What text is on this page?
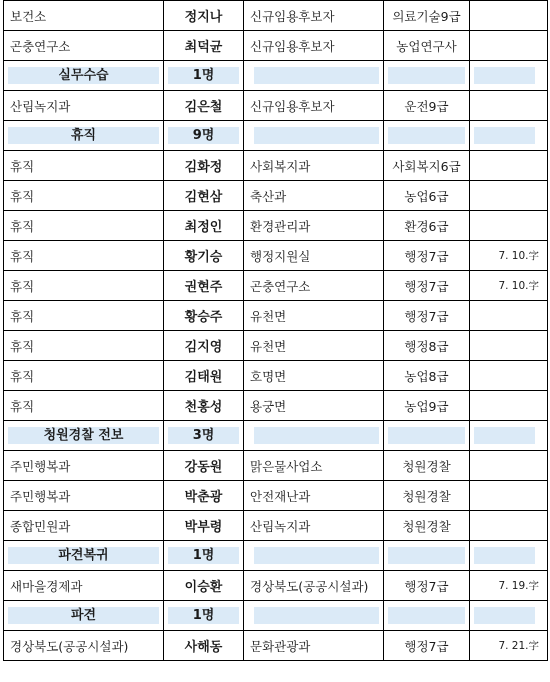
보건소	정지나	신규임용후보자	의료기술9급	
곤충연구소	최덕균	신규임용후보자	농업연구사	

실무수습	1명			

산림녹지과	김은철	신규임용후보자	운전9급	

휴직	9명			

휴직	김화정	사회복지과	사회복지6급	
휴직	김현삼	축산과	농업6급	
휴직	최정인	환경관리과	환경6급	
휴직	황기승	행정지원실	행정7급	7. 10.字
휴직	권현주	곤충연구소	행정7급	7. 10.字
휴직	황승주	유천면	행정7급	
휴직	김지영	유천면	행정8급	
휴직	김태원	호명면	농업8급	
휴직	천홍성	용궁면	농업9급	

청원경찰 전보	3명			

주민행복과	강동원	맑은물사업소	청원경찰	
주민행복과	박춘광	안전재난과	청원경찰	
종합민원과	박부령	산림녹지과	청원경찰	

파견복귀	1명			

새마을경제과	이승환	경상북도(공공시설과)	행정7급	7. 19.字

파견	1명			

경상북도(공공시설과)	사해동	문화관광과	행정7급	7. 21.字
